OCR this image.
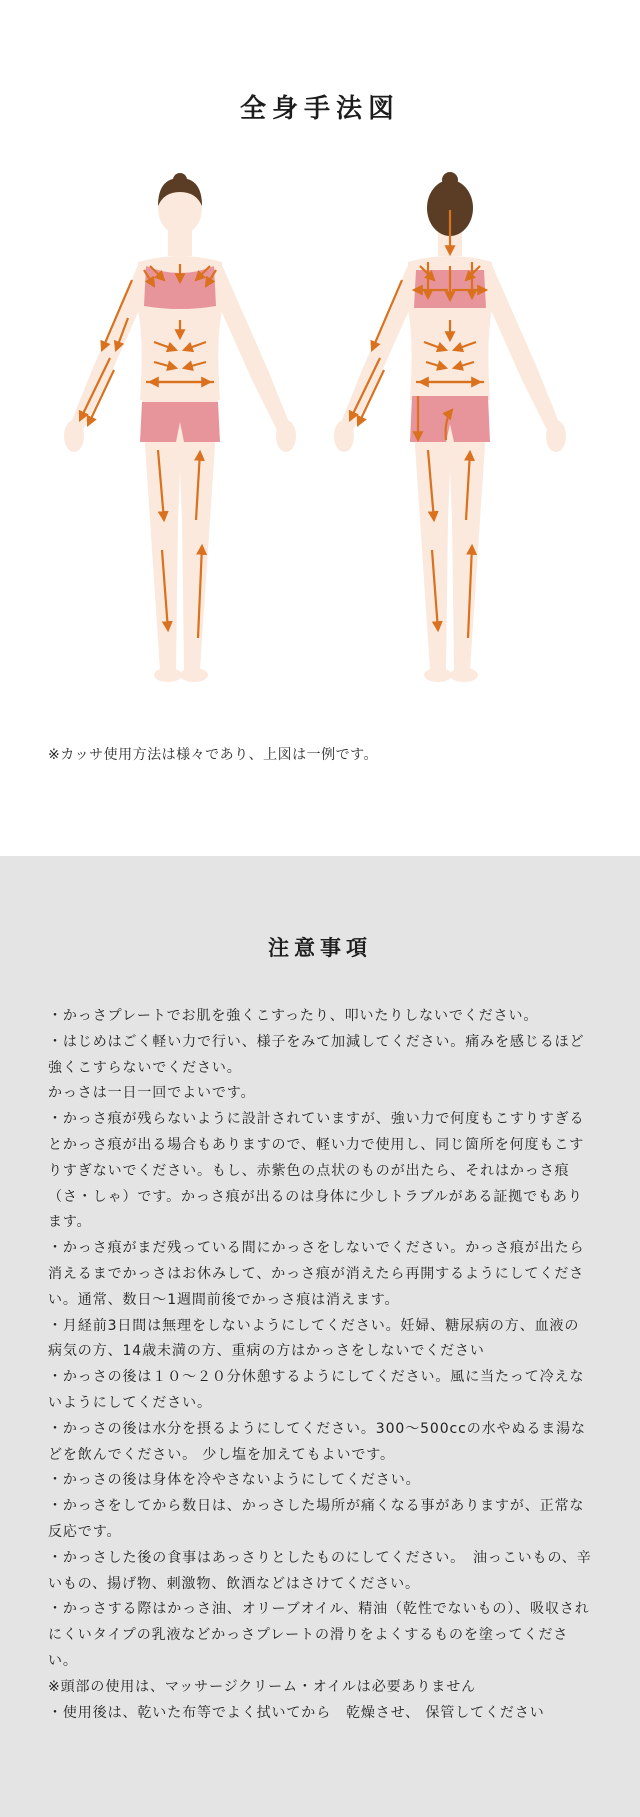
全身手法図
※カッサ使用方法は様々であり、上図は一例です。
注意事項
・かっさプレートでお肌を強くこすったり、叩いたりしないでください。
・はじめはごく軽い力で行い、様子をみて加減してください。痛みを感じるほど強くこすらないでください。
かっさは一日一回でよいです。
・かっさ痕が残らないように設計されていますが、強い力で何度もこすりすぎるとかっさ痕が出る場合もありますので、軽い力で使用し、同じ箇所を何度もこすりすぎないでください。もし、赤紫色の点状のものが出たら、それはかっさ痕（さ・しゃ）です。かっさ痕が出るのは身体に少しトラブルがある証拠でもあります。
・かっさ痕がまだ残っている間にかっさをしないでください。かっさ痕が出たら消えるまでかっさはお休みして、かっさ痕が消えたら再開するようにしてください。通常、数日〜1週間前後でかっさ痕は消えます。
・月経前3日間は無理をしないようにしてください。妊婦、糖尿病の方、血液の病気の方、14歳未満の方、重病の方はかっさをしないでください
・かっさの後は１０〜２０分休憩するようにしてください。風に当たって冷えないようにしてください。
・かっさの後は水分を摂るようにしてください。300〜500ccの水やぬるま湯などを飲んでください。 少し塩を加えてもよいです。
・かっさの後は身体を冷やさないようにしてください。
・かっさをしてから数日は、かっさした場所が痛くなる事がありますが、正常な反応です。
・かっさした後の食事はあっさりとしたものにしてください。　油っこいもの、辛いもの、揚げ物、刺激物、飲酒などはさけてください。
・かっさする際はかっさ油、オリーブオイル、精油（乾性でないもの）、吸収されにくいタイプの乳液などかっさプレートの滑りをよくするものを塗ってください。
※頭部の使用は、マッサージクリーム・オイルは必要ありません
・使用後は、乾いた布等でよく拭いてから　乾燥させ、 保管してください
